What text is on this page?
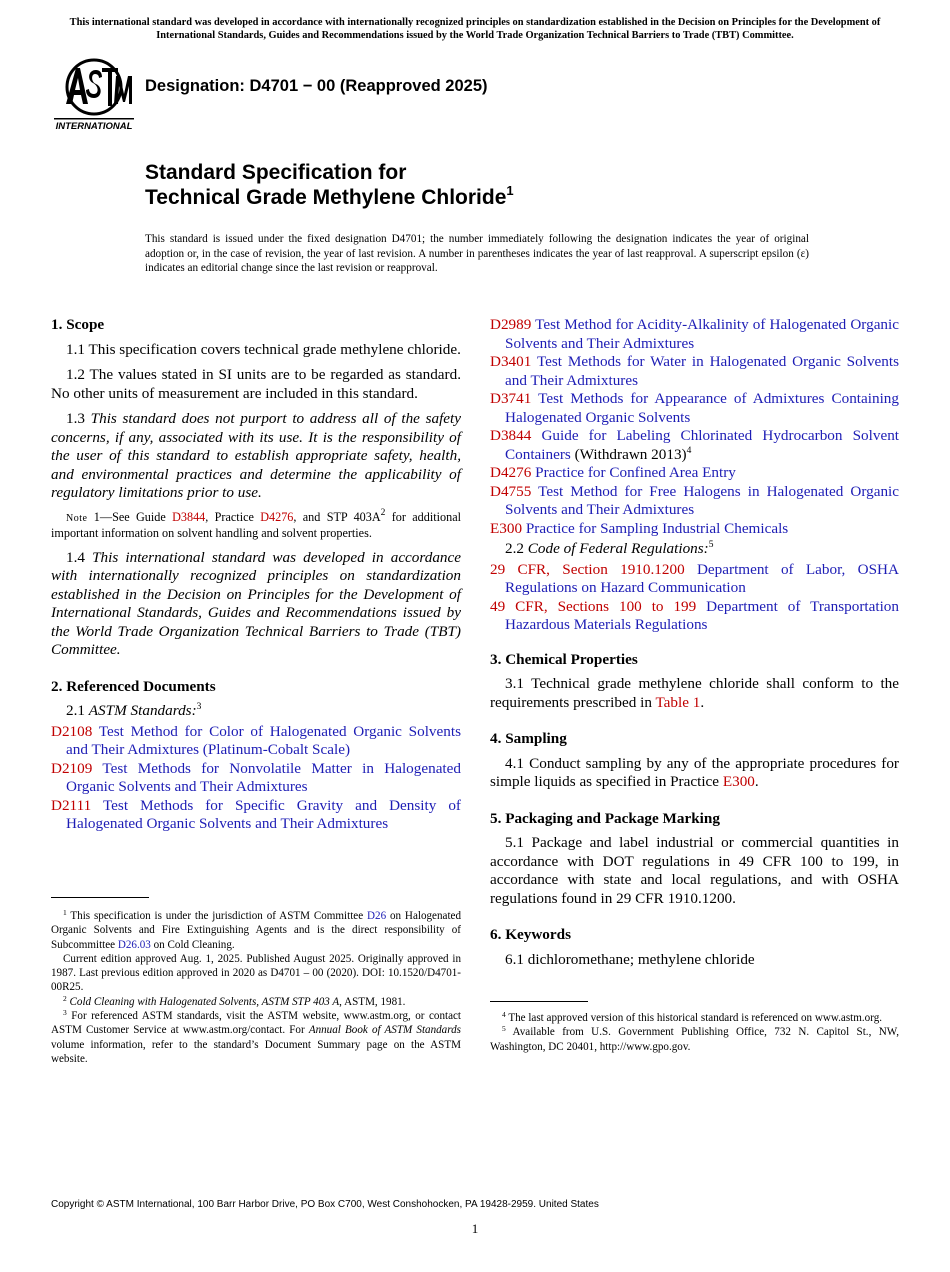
This international standard was developed in accordance with internationally recognized principles on standardization established in the Decision on Principles for the Development of International Standards, Guides and Recommendations issued by the World Trade Organization Technical Barriers to Trade (TBT) Committee.
INTERNATIONAL
Designation: D4701 − 00 (Reapproved 2025)
Standard Specification for
Technical Grade Methylene Chloride$^1$
This standard is issued under the fixed designation D4701; the number immediately following the designation indicates the year of original adoption or, in the case of revision, the year of last revision. A number in parentheses indicates the year of last reapproval. A superscript epsilon (ε) indicates an editorial change since the last revision or reapproval.
1. Scope

1.1 This specification covers technical grade methylene chloride.

1.2 The values stated in SI units are to be regarded as standard. No other units of measurement are included in this standard.

1.3 This standard does not purport to address all of the safety concerns, if any, associated with its use. It is the responsibility of the user of this standard to establish appropriate safety, health, and environmental practices and determine the applicability of regulatory limitations prior to use.

Note 1—See Guide D3844, Practice D4276, and STP $403A^2$ for additional important information on solvent handling and solvent properties.

1.4 This international standard was developed in accordance with internationally recognized principles on standardization established in the Decision on Principles for the Development of International Standards, Guides and Recommendations issued by the World Trade Organization Technical Barriers to Trade (TBT) Committee.

2. Referenced Documents

2.1 ASTM Standards:$^3$

D2108 Test Method for Color of Halogenated Organic Solvents and Their Admixtures (Platinum-Cobalt Scale)

D2109 Test Methods for Nonvolatile Matter in Halogenated Organic Solvents and Their Admixtures

D2111 Test Methods for Specific Gravity and Density of Halogenated Organic Solvents and Their Admixtures

D2989 Test Method for Acidity-Alkalinity of Halogenated Organic Solvents and Their Admixtures

D3401 Test Methods for Water in Halogenated Organic Solvents and Their Admixtures

D3741 Test Methods for Appearance of Admixtures Containing Halogenated Organic Solvents

D3844 Guide for Labeling Chlorinated Hydrocarbon Solvent Containers (Withdrawn 2013)$^4$

D4276 Practice for Confined Area Entry

D4755 Test Method for Free Halogens in Halogenated Organic Solvents and Their Admixtures

E300 Practice for Sampling Industrial Chemicals

2.2 Code of Federal Regulations:$^5$

29 CFR, Section 1910.1200 Department of Labor, OSHA Regulations on Hazard Communication

49 CFR, Sections 100 to 199 Department of Transportation Hazardous Materials Regulations

3. Chemical Properties

3.1 Technical grade methylene chloride shall conform to the requirements prescribed in Table 1.

4. Sampling

4.1 Conduct sampling by any of the appropriate procedures for simple liquids as specified in Practice E300.

5. Packaging and Package Marking

5.1 Package and label industrial or commercial quantities in accordance with DOT regulations in 49 CFR 100 to 199, in accordance with state and local regulations, and with OSHA regulations found in 29 CFR 1910.1200.

6. Keywords

6.1 dichloromethane; methylene chloride

$^1$ This specification is under the jurisdiction of ASTM Committee D26 on Halogenated Organic Solvents and Fire Extinguishing Agents and is the direct responsibility of Subcommittee D26.03 on Cold Cleaning.

Current edition approved Aug. 1, 2025. Published August 2025. Originally approved in 1987. Last previous edition approved in 2020 as D4701 – 00 (2020). DOI: 10.1520/D4701-00R25.

$^2$ Cold Cleaning with Halogenated Solvents, ASTM STP 403 A, ASTM, 1981.

$^3$ For referenced ASTM standards, visit the ASTM website, www.astm.org, or contact ASTM Customer Service at www.astm.org/contact. For Annual Book of ASTM Standards volume information, refer to the standard’s Document Summary page on the ASTM website.

$^4$ The last approved version of this historical standard is referenced on www.astm.org.

$^5$ Available from U.S. Government Publishing Office, 732 N. Capitol St., NW, Washington, DC 20401, http://www.gpo.gov.

Copyright © ASTM International, 100 Barr Harbor Drive, PO Box C700, West Conshohocken, PA 19428-2959. United States
1
